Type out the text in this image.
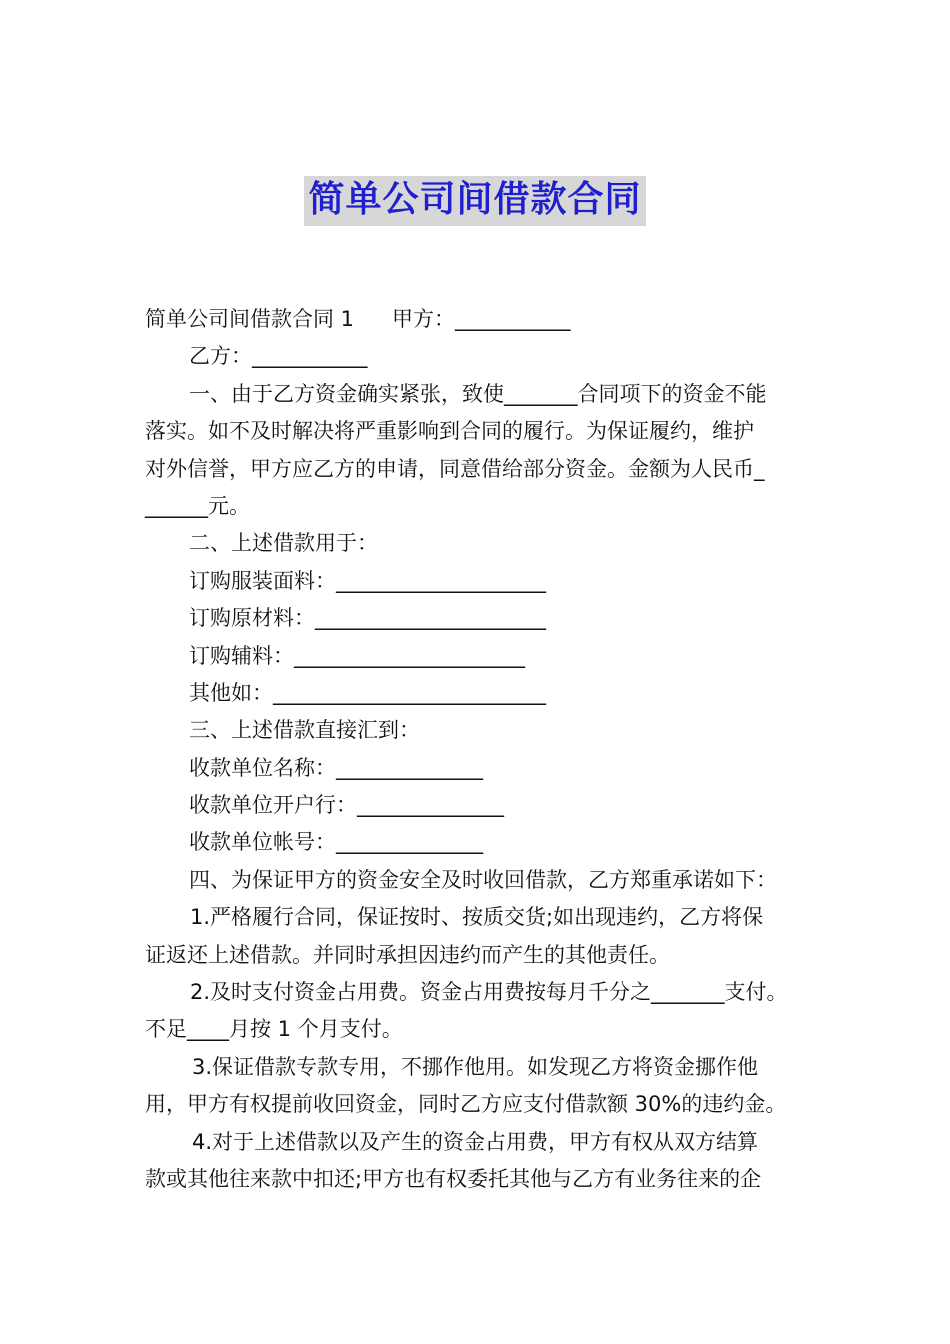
简单公司间借款合同
简单公司间借款合同 1 甲方：___________
乙方：___________
一、由于乙方资金确实紧张，致使_______合同项下的资金不能
落实。如不及时解决将严重影响到合同的履行。为保证履约，维护
对外信誉，甲方应乙方的申请，同意借给部分资金。金额为人民币_
______元。
二、上述借款用于：
订购服装面料：____________________
订购原材料：______________________
订购辅料：______________________
其他如：__________________________
三、上述借款直接汇到：
收款单位名称：______________
收款单位开户行：______________
收款单位帐号：______________
四、为保证甲方的资金安全及时收回借款，乙方郑重承诺如下：
1.严格履行合同，保证按时、按质交货;如出现违约，乙方将保
证返还上述借款。并同时承担因违约而产生的其他责任。
2.及时支付资金占用费。资金占用费按每月千分之_______支付。
不足____月按 1 个月支付。
3.保证借款专款专用，不挪作他用。如发现乙方将资金挪作他
用，甲方有权提前收回资金，同时乙方应支付借款额 30%的违约金。
4.对于上述借款以及产生的资金占用费，甲方有权从双方结算
款或其他往来款中扣还;甲方也有权委托其他与乙方有业务往来的企
